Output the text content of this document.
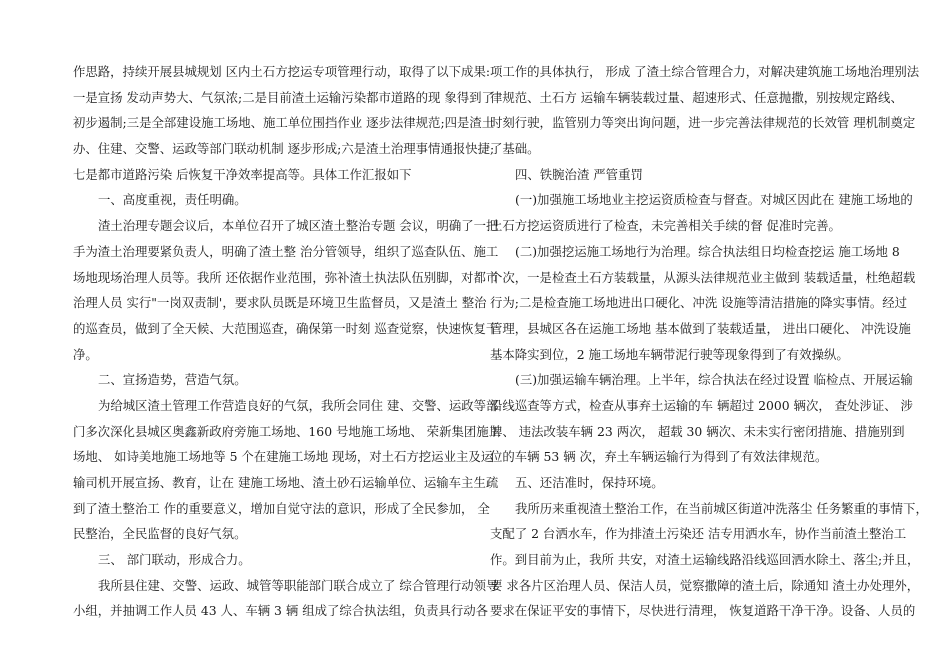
作思路，持续开展县城规划 区内土石方挖运专项管理行动，取得了以下成果:
一是宣扬 发动声势大、气氛浓;二是目前渣土运输污染都市道路的现 象得到了
初步遏制;三是全部建设施工场地、施工单位围挡作业 逐步法律规范;四是渣土
办、住建、交警、运政等部门联动机制 逐步形成;六是渣土治理事情通报快捷;
七是都市道路污染 后恢复干净效率提高等。具体工作汇报如下
一、高度重视，责任明确。
渣土治理专题会议后，本单位召开了城区渣土整治专题 会议，明确了一把
手为渣土治理要紧负责人，明确了渣土整 治分管领导，组织了巡查队伍、施工
场地现场治理人员等。我所 还依据作业范围，弥补渣土执法队伍别脚，对都市
治理人员 实行"一岗双责制'，要求队员既是环境卫生监督员，又是渣土 整治
的巡查员，做到了全天候、大范围巡查，确保第一时刻 巡查觉察，快速恢复干
净。
二、宣扬造势，营造气氛。
为给城区渣土管理工作营造良好的气氛，我所会同住 建、交警、运政等部
门多次深化县城区奥鑫新政府旁施工场地、160 号地施工场地、 荣新集团施工
场地、 如诗美地施工场地等 5 个在建施工场地 现场，对土石方挖运业主及运
输司机开展宣扬、教育，让在 建施工场地、渣土砂石运输单位、运输车主生疏
到了渣土整治工 作的重要意义，增加自觉守法的意识，形成了全民参加， 全
民整治，全民监督的良好气氛。
三、 部门联动，形成合力。
我所县住建、交警、运政、城管等职能部门联合成立了 综合管理行动领导
小组，并抽调工作人员 43 人、车辆 3 辆 组成了综合执法组，负责具行动各
项工作的具体执行， 形成 了渣土综合管理合力，对解决建筑施工场地治理别法
律规范、土石方 运输车辆装载过量、超速形式、任意抛撒，别按规定路线、
时刻行驶，监管别力等突出询问题，进一步完善法律规范的长效管 理机制奠定
了基础。
四、铁腕治渣 严管重罚
(一)加强施工场地业主挖运资质检查与督查。对城区因此在 建施工场地的
土石方挖运资质进行了检查，未完善相关手续的督 促准时完善。
(二)加强挖运施工场地行为治理。综合执法组日均检查挖运 施工场地 8
个次，一是检查土石方装载量，从源头法律规范业主做到 装载适量，杜绝超载
行为;二是检查施工场地进出口硬化、冲洗 设施等清洁措施的降实事情。经过
管理，县城区各在运施工场地 基本做到了装载适量， 进出口硬化、 冲洗设施
基本降实到位，2 施工场地车辆带泥行驶等现象得到了有效操纵。
(三)加强运输车辆治理。上半年，综合执法在经过设置 临检点、开展运输
沿线巡查等方式，检查从事弃土运输的车 辆超过 2000 辆次， 查处涉证、 涉
牌、 违法改装车辆 23 两次， 超载 30 辆次、未未实行密闭措施、措施别到
位的车辆 53 辆 次，弃土车辆运输行为得到了有效法律规范。
五、还洁准时，保持环境。
我所历来重视渣土整治工作，在当前城区街道冲洗落尘 任务繁重的事情下，
支配了 2 台洒水车，作为排渣土污染还 洁专用洒水车，协作当前渣土整治工
作。到目前为止，我所 共安，对渣土运输线路沿线巡回洒水除土、落尘;并且，
要 求各片区治理人员、保洁人员，觉察撒障的渣土后，除通知 渣土办处理外，
要求在保证平安的事情下，尽快进行清理， 恢复道路干净干净。设备、人员的
